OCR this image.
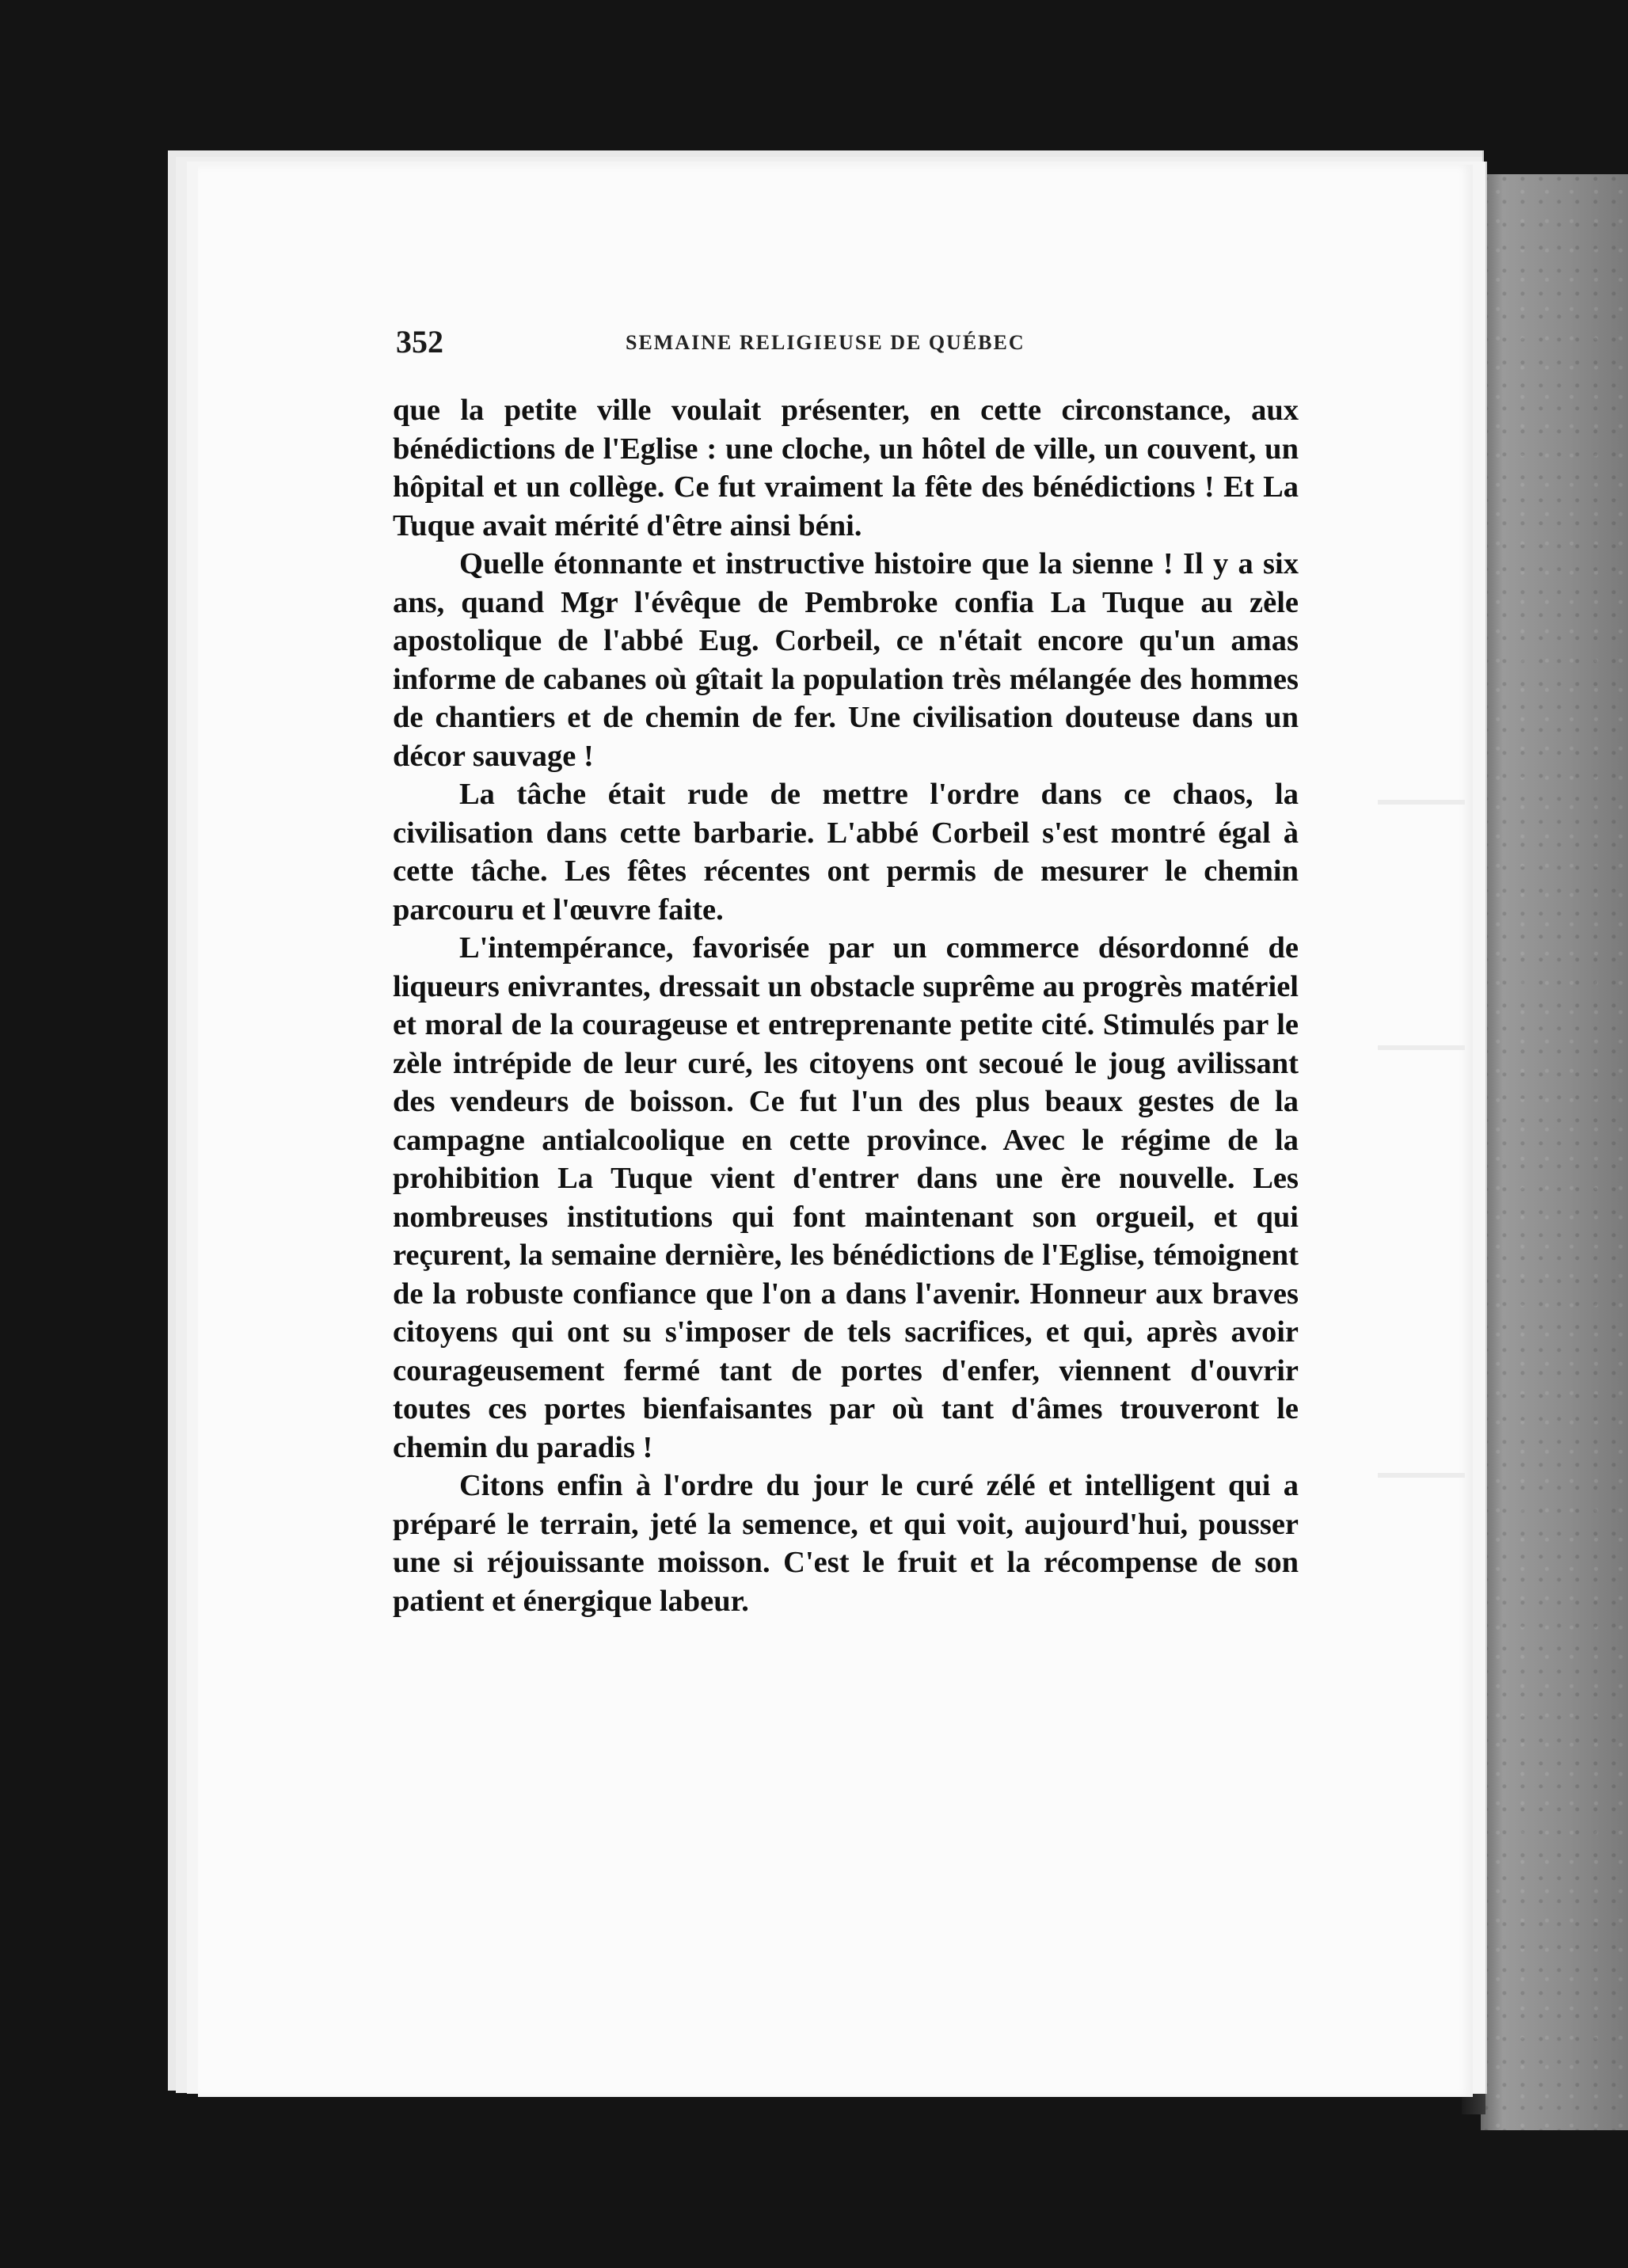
352	SEMAINE RELIGIEUSE DE QUÉBEC

que la petite ville voulait présenter, en cette circonstance, aux bénédictions de l'Eglise : une cloche, un hôtel de ville, un couvent, un hôpital et un collège. Ce fut vraiment la fête des bénédictions ! Et La Tuque avait mérité d'être ainsi béni.

Quelle étonnante et instructive histoire que la sienne ! Il y a six ans, quand Mgr l'évêque de Pembroke confia La Tuque au zèle apostolique de l'abbé Eug. Corbeil, ce n'était encore qu'un amas informe de cabanes où gîtait la population très mélangée des hommes de chantiers et de chemin de fer. Une civilisation douteuse dans un décor sauvage !

La tâche était rude de mettre l'ordre dans ce chaos, la civilisation dans cette barbarie. L'abbé Corbeil s'est montré égal à cette tâche. Les fêtes récentes ont permis de mesurer le chemin parcouru et l'œuvre faite.

L'intempérance, favorisée par un commerce désordonné de liqueurs enivrantes, dressait un obstacle suprême au progrès matériel et moral de la courageuse et entreprenante petite cité. Stimulés par le zèle intrépide de leur curé, les citoyens ont secoué le joug avilissant des vendeurs de boisson. Ce fut l'un des plus beaux gestes de la campagne antialcoolique en cette province. Avec le régime de la prohibition La Tuque vient d'entrer dans une ère nouvelle. Les nombreuses institutions qui font maintenant son orgueil, et qui reçurent, la semaine dernière, les bénédictions de l'Eglise, témoignent de la robuste confiance que l'on a dans l'avenir. Honneur aux braves citoyens qui ont su s'imposer de tels sacrifices, et qui, après avoir courageusement fermé tant de portes d'enfer, viennent d'ouvrir toutes ces portes bienfaisantes par où tant d'âmes trouveront le chemin du paradis !

Citons enfin à l'ordre du jour le curé zélé et intelligent qui a préparé le terrain, jeté la semence, et qui voit, aujourd'hui, pousser une si réjouissante moisson. C'est le fruit et la récompense de son patient et énergique labeur.
